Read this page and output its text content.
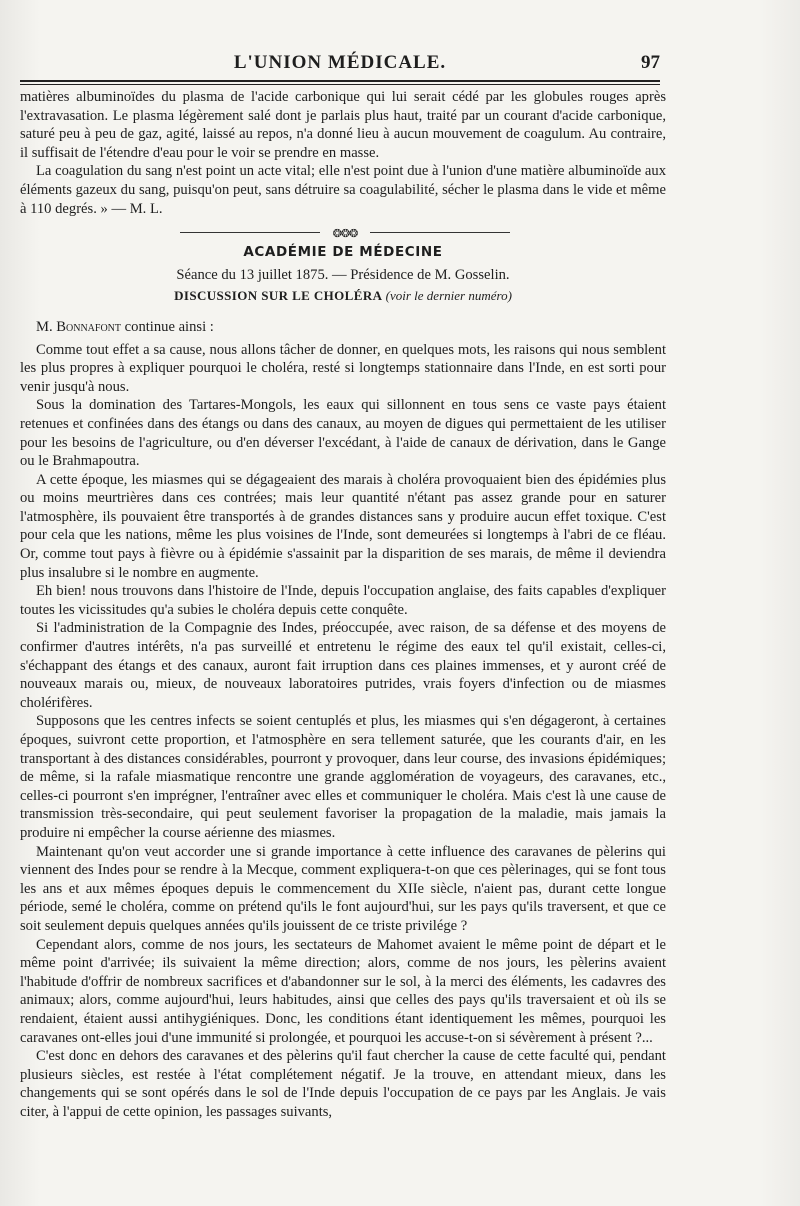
L'UNION MÉDICALE.	97

matières albuminoïdes du plasma de l'acide carbonique qui lui serait cédé par les globules rouges après l'extravasation. Le plasma légèrement salé dont je parlais plus haut, traité par un courant d'acide carbonique, saturé peu à peu de gaz, agité, laissé au repos, n'a donné lieu à aucun mouvement de coagulum. Au contraire, il suffisait de l'étendre d'eau pour le voir se prendre en masse.

La coagulation du sang n'est point un acte vital; elle n'est point due à l'union d'une matière albuminoïde aux éléments gazeux du sang, puisqu'on peut, sans détruire sa coagulabilité, sécher le plasma dans le vide et même à 110 degrés. » — M. L.

❂❂❂
ACADÉMIE DE MÉDECINE
Séance du 13 juillet 1875. — Présidence de M. Gosselin.
DISCUSSION SUR LE CHOLÉRA (voir le dernier numéro)

M. Bonnafont continue ainsi :

Comme tout effet a sa cause, nous allons tâcher de donner, en quelques mots, les raisons qui nous semblent les plus propres à expliquer pourquoi le choléra, resté si longtemps stationnaire dans l'Inde, en est sorti pour venir jusqu'à nous.

Sous la domination des Tartares-Mongols, les eaux qui sillonnent en tous sens ce vaste pays étaient retenues et confinées dans des étangs ou dans des canaux, au moyen de digues qui permettaient de les utiliser pour les besoins de l'agriculture, ou d'en déverser l'excédant, à l'aide de canaux de dérivation, dans le Gange ou le Brahmapoutra.

A cette époque, les miasmes qui se dégageaient des marais à choléra provoquaient bien des épidémies plus ou moins meurtrières dans ces contrées; mais leur quantité n'étant pas assez grande pour en saturer l'atmosphère, ils pouvaient être transportés à de grandes distances sans y produire aucun effet toxique. C'est pour cela que les nations, même les plus voisines de l'Inde, sont demeurées si longtemps à l'abri de ce fléau. Or, comme tout pays à fièvre ou à épidémie s'assainit par la disparition de ses marais, de même il deviendra plus insalubre si le nombre en augmente.

Eh bien! nous trouvons dans l'histoire de l'Inde, depuis l'occupation anglaise, des faits capables d'expliquer toutes les vicissitudes qu'a subies le choléra depuis cette conquête.

Si l'administration de la Compagnie des Indes, préoccupée, avec raison, de sa défense et des moyens de confirmer d'autres intérêts, n'a pas surveillé et entretenu le régime des eaux tel qu'il existait, celles-ci, s'échappant des étangs et des canaux, auront fait irruption dans ces plaines immenses, et y auront créé de nouveaux marais ou, mieux, de nouveaux laboratoires putrides, vrais foyers d'infection ou de miasmes cholérifères.

Supposons que les centres infects se soient centuplés et plus, les miasmes qui s'en dégageront, à certaines époques, suivront cette proportion, et l'atmosphère en sera tellement saturée, que les courants d'air, en les transportant à des distances considérables, pourront y provoquer, dans leur course, des invasions épidémiques; de même, si la rafale miasmatique rencontre une grande agglomération de voyageurs, des caravanes, etc., celles-ci pourront s'en imprégner, l'entraîner avec elles et communiquer le choléra. Mais c'est là une cause de transmission très-secondaire, qui peut seulement favoriser la propagation de la maladie, mais jamais la produire ni empêcher la course aérienne des miasmes.

Maintenant qu'on veut accorder une si grande importance à cette influence des caravanes de pèlerins qui viennent des Indes pour se rendre à la Mecque, comment expliquera-t-on que ces pèlerinages, qui se font tous les ans et aux mêmes époques depuis le commencement du XIIe siècle, n'aient pas, durant cette longue période, semé le choléra, comme on prétend qu'ils le font aujourd'hui, sur les pays qu'ils traversent, et que ce soit seulement depuis quelques années qu'ils jouissent de ce triste privilége ?

Cependant alors, comme de nos jours, les sectateurs de Mahomet avaient le même point de départ et le même point d'arrivée; ils suivaient la même direction; alors, comme de nos jours, les pèlerins avaient l'habitude d'offrir de nombreux sacrifices et d'abandonner sur le sol, à la merci des éléments, les cadavres des animaux; alors, comme aujourd'hui, leurs habitudes, ainsi que celles des pays qu'ils traversaient et où ils se rendaient, étaient aussi antihygiéniques. Donc, les conditions étant identiquement les mêmes, pourquoi les caravanes ont-elles joui d'une immunité si prolongée, et pourquoi les accuse-t-on si sévèrement à présent ?...

C'est donc en dehors des caravanes et des pèlerins qu'il faut chercher la cause de cette faculté qui, pendant plusieurs siècles, est restée à l'état complétement négatif. Je la trouve, en attendant mieux, dans les changements qui se sont opérés dans le sol de l'Inde depuis l'occupation de ce pays par les Anglais. Je vais citer, à l'appui de cette opinion, les passages suivants,
